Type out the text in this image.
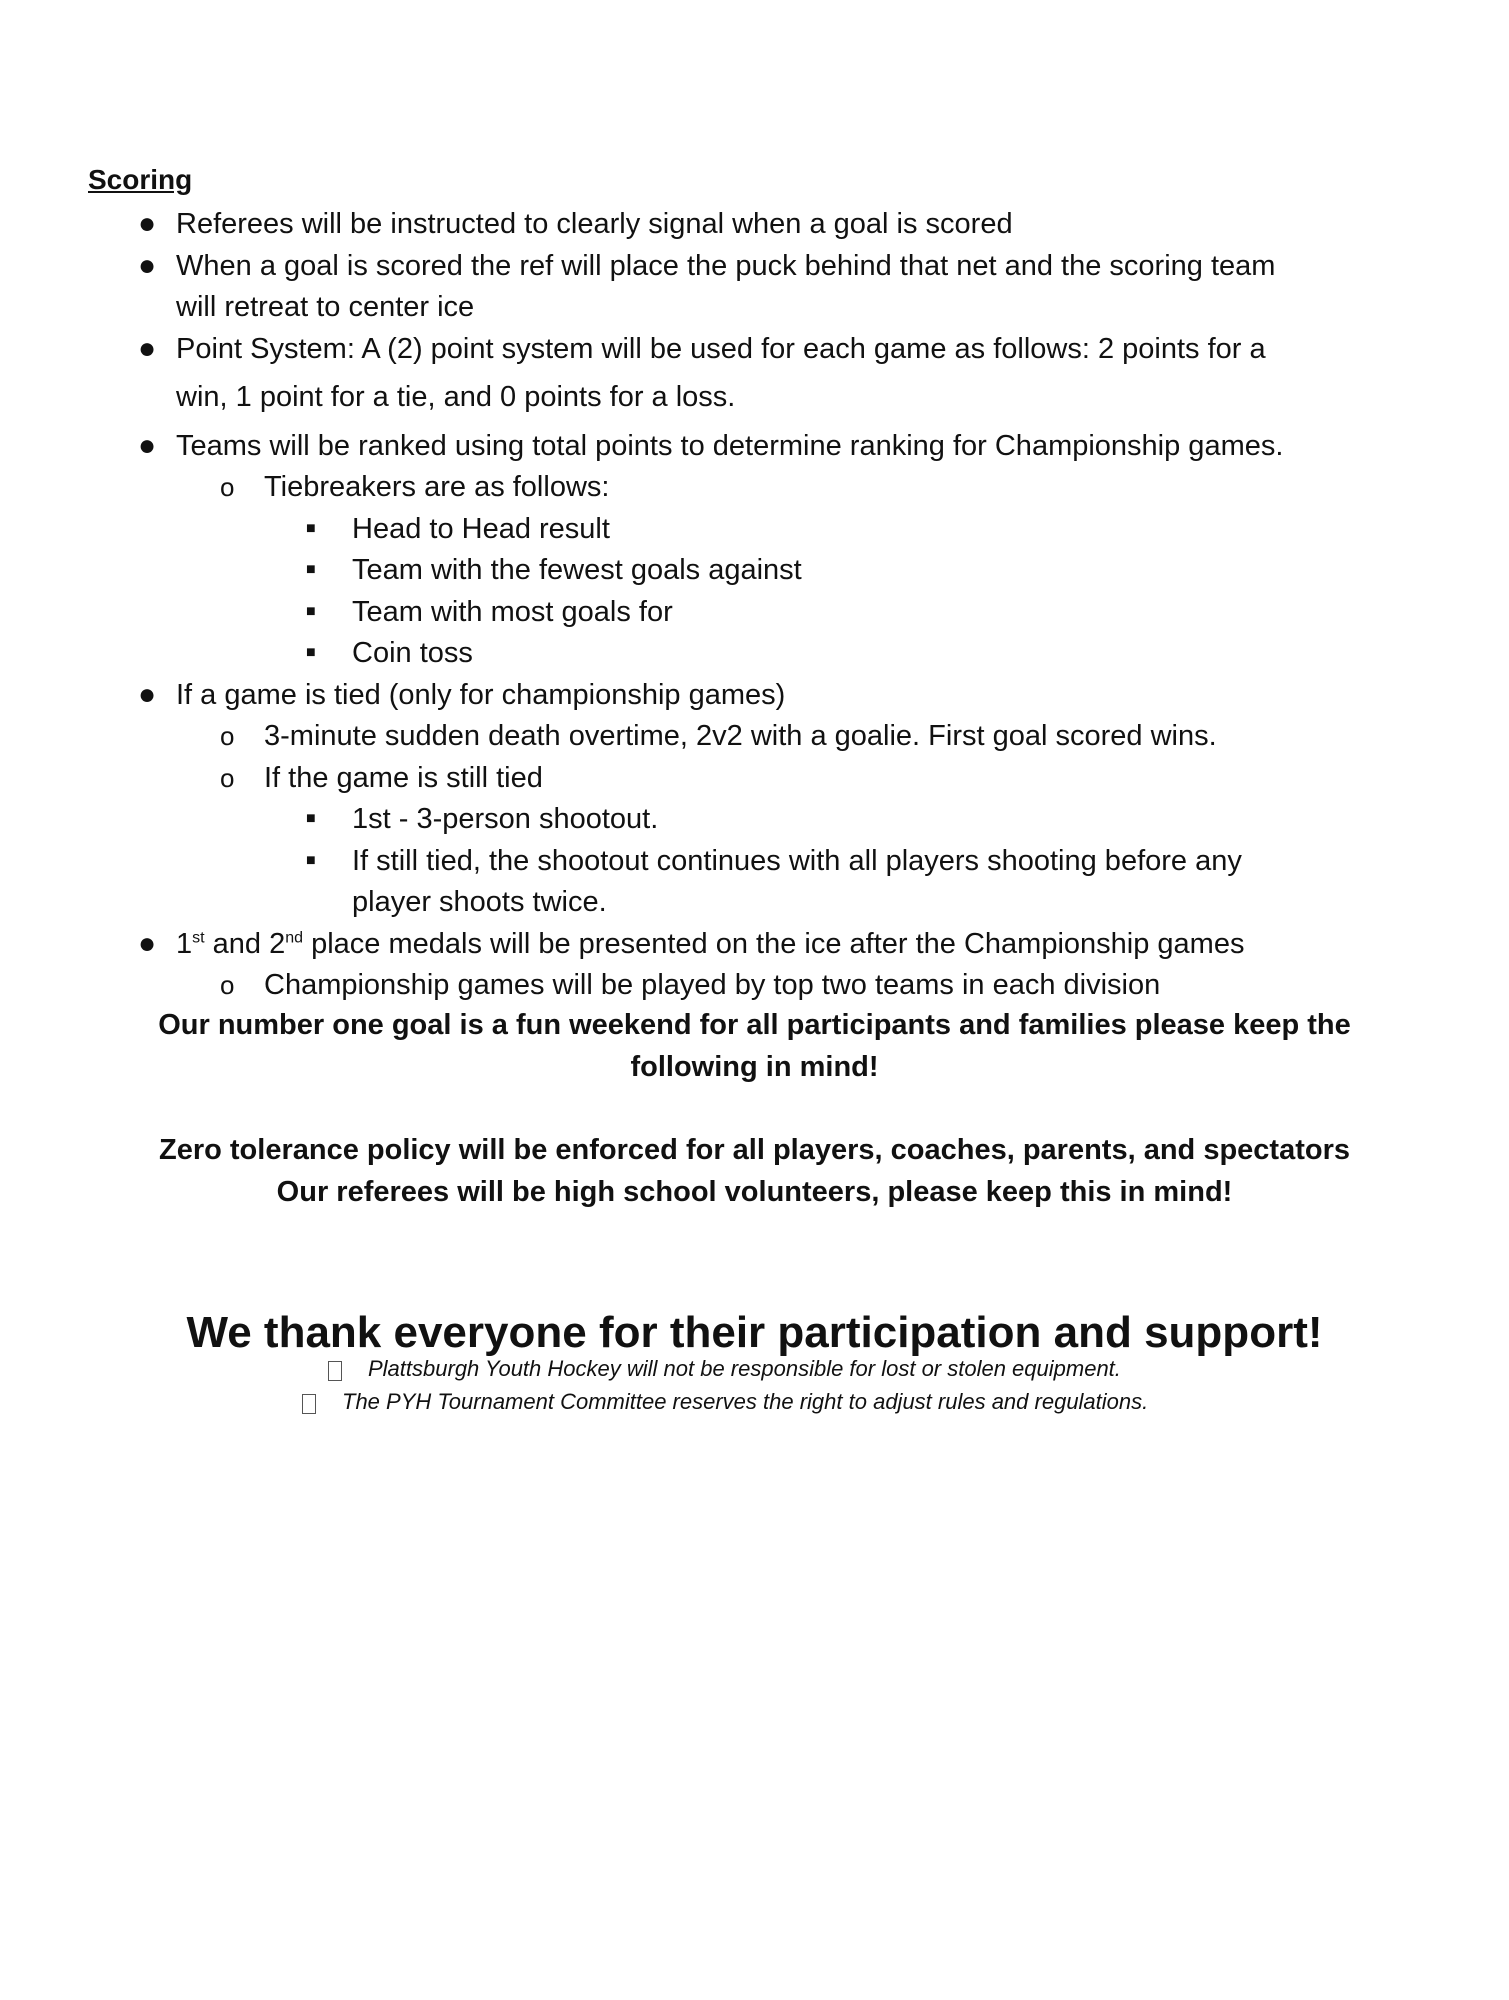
Scoring
● Referees will be instructed to clearly signal when a goal is scored
● When a goal is scored the ref will place the puck behind that net and the scoring team
will retreat to center ice
● Point System: A (2) point system will be used for each game as follows: 2 points for a
win, 1 point for a tie, and 0 points for a loss.
● Teams will be ranked using total points to determine ranking for Championship games.
o Tiebreakers are as follows:
■ Head to Head result
■ Team with the fewest goals against
■ Team with most goals for
■ Coin toss
● If a game is tied (only for championship games)
o 3-minute sudden death overtime, 2v2 with a goalie. First goal scored wins.
o If the game is still tied
■ 1st - 3-person shootout.
■ If still tied, the shootout continues with all players shooting before any
player shoots twice.
● 1st and 2nd place medals will be presented on the ice after the Championship games
o Championship games will be played by top two teams in each division
Our number one goal is a fun weekend for all participants and families please keep the
following in mind!
Zero tolerance policy will be enforced for all players, coaches, parents, and spectators
Our referees will be high school volunteers, please keep this in mind!
We thank everyone for their participation and support!
Plattsburgh Youth Hockey will not be responsible for lost or stolen equipment.
The PYH Tournament Committee reserves the right to adjust rules and regulations.
